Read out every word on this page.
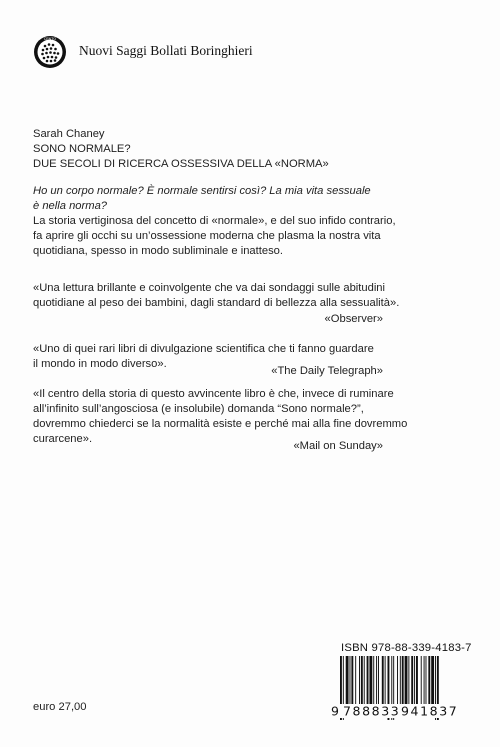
CENTO
Nuovi Saggi Bollati Boringhieri
Sarah Chaney
SONO NORMALE?
DUE SECOLI DI RICERCA OSSESSIVA DELLA «NORMA»
Ho un corpo normale? È normale sentirsi così? La mia vita sessuale
è nella norma?
La storia vertiginosa del concetto di «normale», e del suo infido contrario,
fa aprire gli occhi su un’ossessione moderna che plasma la nostra vita
quotidiana, spesso in modo subliminale e inatteso.
«Una lettura brillante e coinvolgente che va dai sondaggi sulle abitudini
quotidiane al peso dei bambini, dagli standard di bellezza alla sessualità».
«Observer»
«Uno di quei rari libri di divulgazione scientifica che ti fanno guardare
il mondo in modo diverso».
«The Daily Telegraph»
«Il centro della storia di questo avvincente libro è che, invece di ruminare
all’infinito sull’angosciosa (e insolubile) domanda “Sono normale?”,
dovremmo chiederci se la normalità esiste e perché mai alla fine dovremmo
curarcene».
«Mail on Sunday»
ISBN 978-88-339-4183-7
9 788833 941837
euro 27,00
